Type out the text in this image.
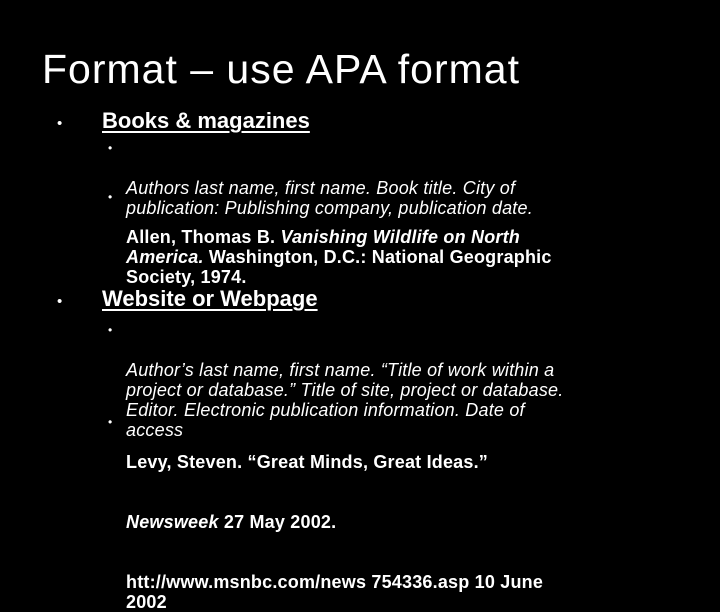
Format – use APA format
• Books & magazines

•

Authors last name, first name. Book title. City of
publication: Publishing company, publication date.

•

Allen, Thomas B. Vanishing Wildlife on North
America. Washington, D.C.: National Geographic
Society, 1974.

• Website or Webpage

•

Author’s last name, first name. “Title of work within a
project or database.” Title of site, project or database.
Editor. Electronic publication information. Date of
access

•

Levy, Steven. “Great Minds, Great Ideas.”

Newsweek 27 May 2002.

htt://www.msnbc.com/news 754336.asp 10 June
2002
